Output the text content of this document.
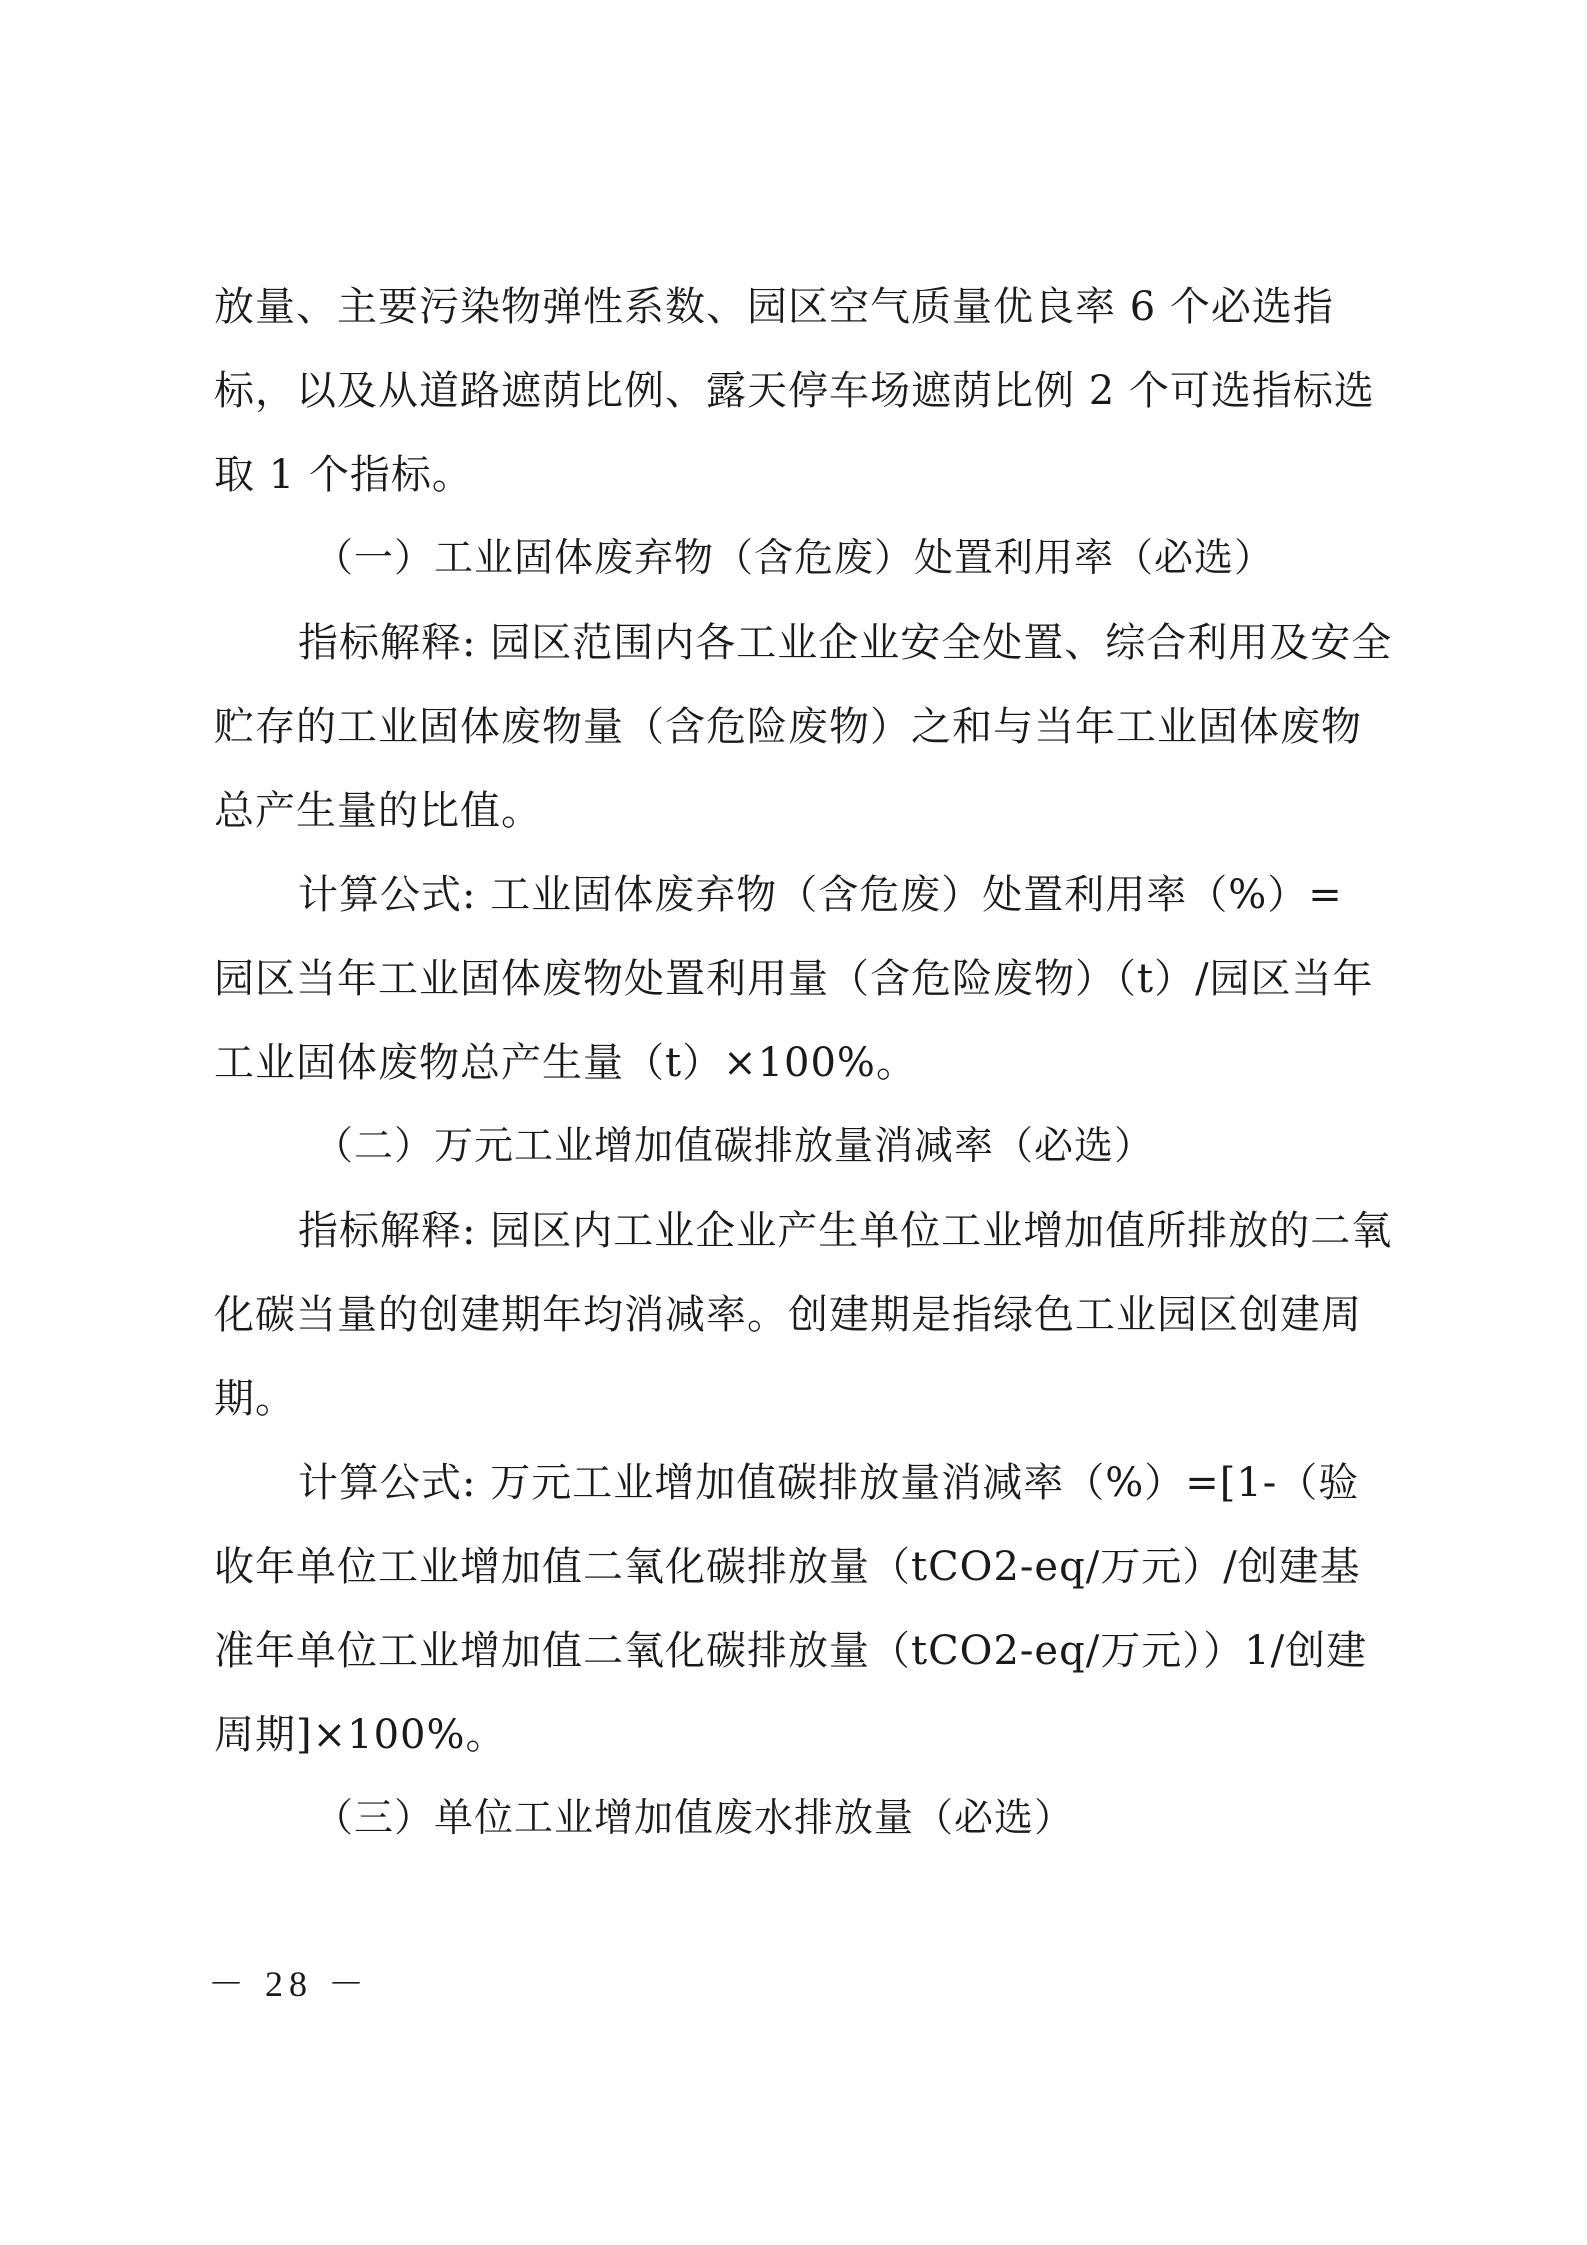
放量、主要污染物弹性系数、园区空气质量优良率 6 个必选指标，以及从道路遮荫比例、露天停车场遮荫比例 2 个可选指标选取 1 个指标。

（一）工业固体废弃物（含危废）处置利用率（必选）

指标解释: 园区范围内各工业企业安全处置、综合利用及安全贮存的工业固体废物量（含危险废物）之和与当年工业固体废物总产生量的比值。

计算公式: 工业固体废弃物（含危废）处置利用率（%）= 园区当年工业固体废物处置利用量（含危险废物）（t）/园区当年工业固体废物总产生量（t）×100%。

（二）万元工业增加值碳排放量消减率（必选）

指标解释: 园区内工业企业产生单位工业增加值所排放的二氧化碳当量的创建期年均消减率。创建期是指绿色工业园区创建周期。

计算公式: 万元工业增加值碳排放量消减率（%）=[1-（验收年单位工业增加值二氧化碳排放量（tCO2-eq/万元）/创建基准年单位工业增加值二氧化碳排放量（tCO2-eq/万元））1/创建周期]×100%。

（三）单位工业增加值废水排放量（必选）

－ 28 －
